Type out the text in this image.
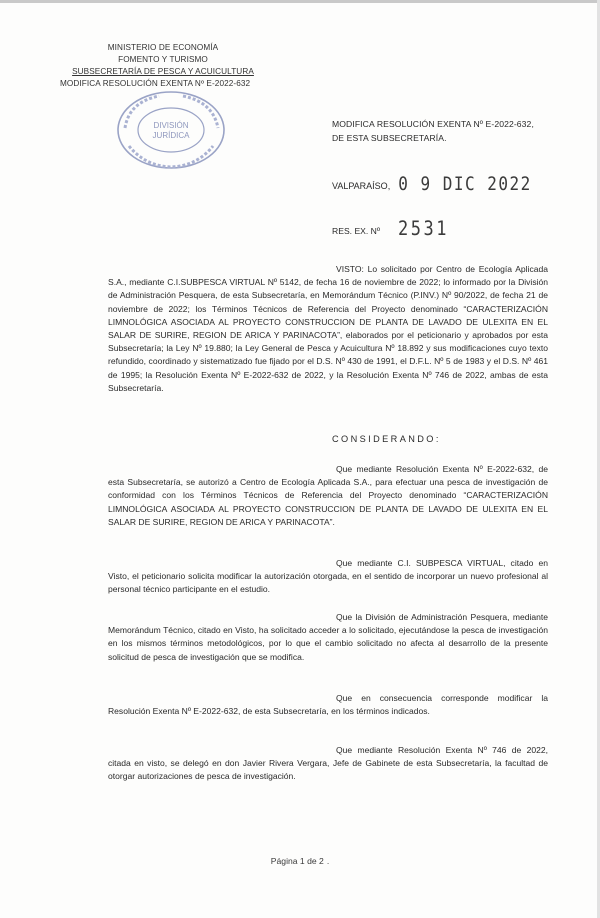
MINISTERIO DE ECONOMÍA
FOMENTO Y TURISMO
SUBSECRETARÍA DE PESCA Y ACUICULTURA
MODIFICA RESOLUCIÓN EXENTA Nº E-2022-632
DIVISIÓN
JURÍDICA
MODIFICA RESOLUCIÓN EXENTA Nº E-2022-632,
DE ESTA SUBSECRETARÍA.
VALPARAÍSO, 0 9 DIC 2022
RES. EX. Nº 2531

VISTO: Lo solicitado por Centro de Ecología Aplicada S.A., mediante C.I.SUBPESCA VIRTUAL Nº 5142, de fecha 16 de noviembre de 2022; lo informado por la División de Administración Pesquera, de esta Subsecretaría, en Memorándum Técnico (P.INV.) Nº 90/2022, de fecha 21 de noviembre de 2022; los Términos Técnicos de Referencia del Proyecto denominado “CARACTERIZACIÓN LIMNOLÓGICA ASOCIADA AL PROYECTO CONSTRUCCION DE PLANTA DE LAVADO DE ULEXITA EN EL SALAR DE SURIRE, REGION DE ARICA Y PARINACOTA”, elaborados por el peticionario y aprobados por esta Subsecretaría; la Ley Nº 19.880; la Ley General de Pesca y Acuicultura Nº 18.892 y sus modificaciones cuyo texto refundido, coordinado y sistematizado fue fijado por el D.S. Nº 430 de 1991, el D.F.L. Nº 5 de 1983 y el D.S. Nº 461 de 1995; la Resolución Exenta Nº E-2022-632 de 2022, y la Resolución Exenta Nº 746 de 2022, ambas de esta Subsecretaría.

CONSIDERANDO:

Que mediante Resolución Exenta Nº E-2022-632, de esta Subsecretaría, se autorizó a Centro de Ecología Aplicada S.A., para efectuar una pesca de investigación de conformidad con los Términos Técnicos de Referencia del Proyecto denominado “CARACTERIZACIÓN LIMNOLÓGICA ASOCIADA AL PROYECTO CONSTRUCCION DE PLANTA DE LAVADO DE ULEXITA EN EL SALAR DE SURIRE, REGION DE ARICA Y PARINACOTA”.

Que mediante C.I. SUBPESCA VIRTUAL, citado en Visto, el peticionario solicita modificar la autorización otorgada, en el sentido de incorporar un nuevo profesional al personal técnico participante en el estudio.

Que la División de Administración Pesquera, mediante Memorándum Técnico, citado en Visto, ha solicitado acceder a lo solicitado, ejecutándose la pesca de investigación en los mismos términos metodológicos, por lo que el cambio solicitado no afecta al desarrollo de la presente solicitud de pesca de investigación que se modifica.

Que en consecuencia corresponde modificar la Resolución Exenta Nº E-2022-632, de esta Subsecretaría, en los términos indicados.

Que mediante Resolución Exenta Nº 746 de 2022, citada en visto, se delegó en don Javier Rivera Vergara, Jefe de Gabinete de esta Subsecretaría, la facultad de otorgar autorizaciones de pesca de investigación.

Página 1 de 2 .
